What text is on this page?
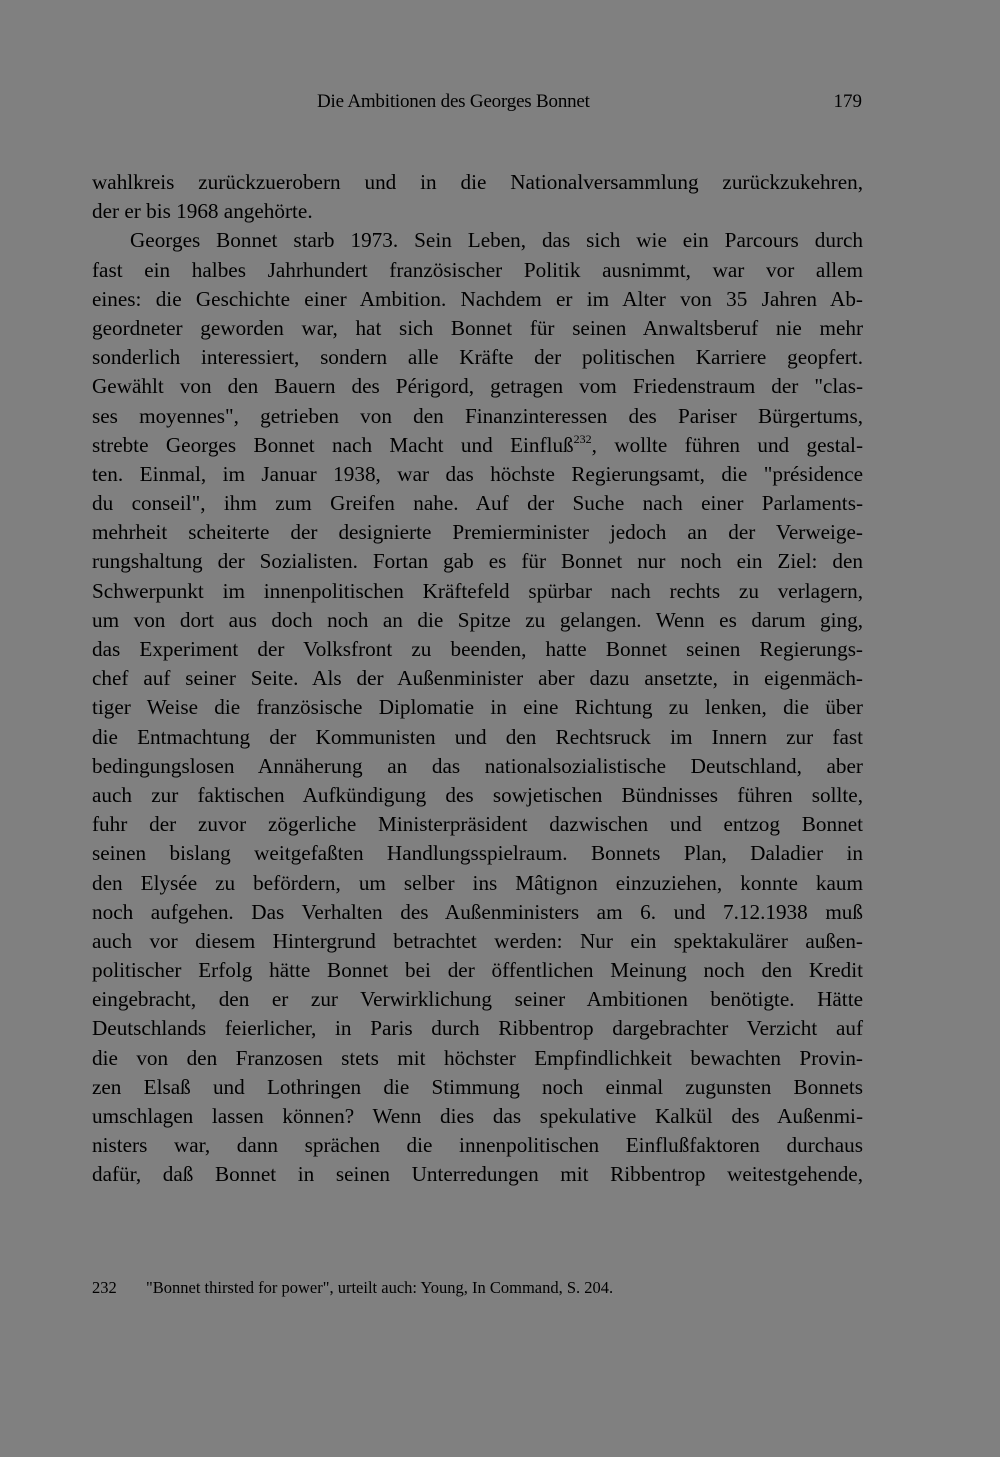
Die Ambitionen des Georges Bonnet	179
wahlkreis zurückzuerobern und in die Nationalversammlung zurückzukehren,
der er bis 1968 angehörte.
Georges Bonnet starb 1973. Sein Leben, das sich wie ein Parcours durch
fast ein halbes Jahrhundert französischer Politik ausnimmt, war vor allem
eines: die Geschichte einer Ambition. Nachdem er im Alter von 35 Jahren Ab-
geordneter geworden war, hat sich Bonnet für seinen Anwaltsberuf nie mehr
sonderlich interessiert, sondern alle Kräfte der politischen Karriere geopfert.
Gewählt von den Bauern des Périgord, getragen vom Friedenstraum der "clas-
ses moyennes", getrieben von den Finanzinteressen des Pariser Bürgertums,
strebte Georges Bonnet nach Macht und Einfluß$^{232}$, wollte führen und gestal-
ten. Einmal, im Januar 1938, war das höchste Regierungsamt, die "présidence
du conseil", ihm zum Greifen nahe. Auf der Suche nach einer Parlaments-
mehrheit scheiterte der designierte Premierminister jedoch an der Verweige-
rungshaltung der Sozialisten. Fortan gab es für Bonnet nur noch ein Ziel: den
Schwerpunkt im innenpolitischen Kräftefeld spürbar nach rechts zu verlagern,
um von dort aus doch noch an die Spitze zu gelangen. Wenn es darum ging,
das Experiment der Volksfront zu beenden, hatte Bonnet seinen Regierungs-
chef auf seiner Seite. Als der Außenminister aber dazu ansetzte, in eigenmäch-
tiger Weise die französische Diplomatie in eine Richtung zu lenken, die über
die Entmachtung der Kommunisten und den Rechtsruck im Innern zur fast
bedingungslosen Annäherung an das nationalsozialistische Deutschland, aber
auch zur faktischen Aufkündigung des sowjetischen Bündnisses führen sollte,
fuhr der zuvor zögerliche Ministerpräsident dazwischen und entzog Bonnet
seinen bislang weitgefaßten Handlungsspielraum. Bonnets Plan, Daladier in
den Elysée zu befördern, um selber ins Mâtignon einzuziehen, konnte kaum
noch aufgehen. Das Verhalten des Außenministers am 6. und 7.12.1938 muß
auch vor diesem Hintergrund betrachtet werden: Nur ein spektakulärer außen-
politischer Erfolg hätte Bonnet bei der öffentlichen Meinung noch den Kredit
eingebracht, den er zur Verwirklichung seiner Ambitionen benötigte. Hätte
Deutschlands feierlicher, in Paris durch Ribbentrop dargebrachter Verzicht auf
die von den Franzosen stets mit höchster Empfindlichkeit bewachten Provin-
zen Elsaß und Lothringen die Stimmung noch einmal zugunsten Bonnets
umschlagen lassen können? Wenn dies das spekulative Kalkül des Außenmi-
nisters war, dann sprächen die innenpolitischen Einflußfaktoren durchaus
dafür, daß Bonnet in seinen Unterredungen mit Ribbentrop weitestgehende,
232 "Bonnet thirsted for power", urteilt auch: Young, In Command, S. 204.
